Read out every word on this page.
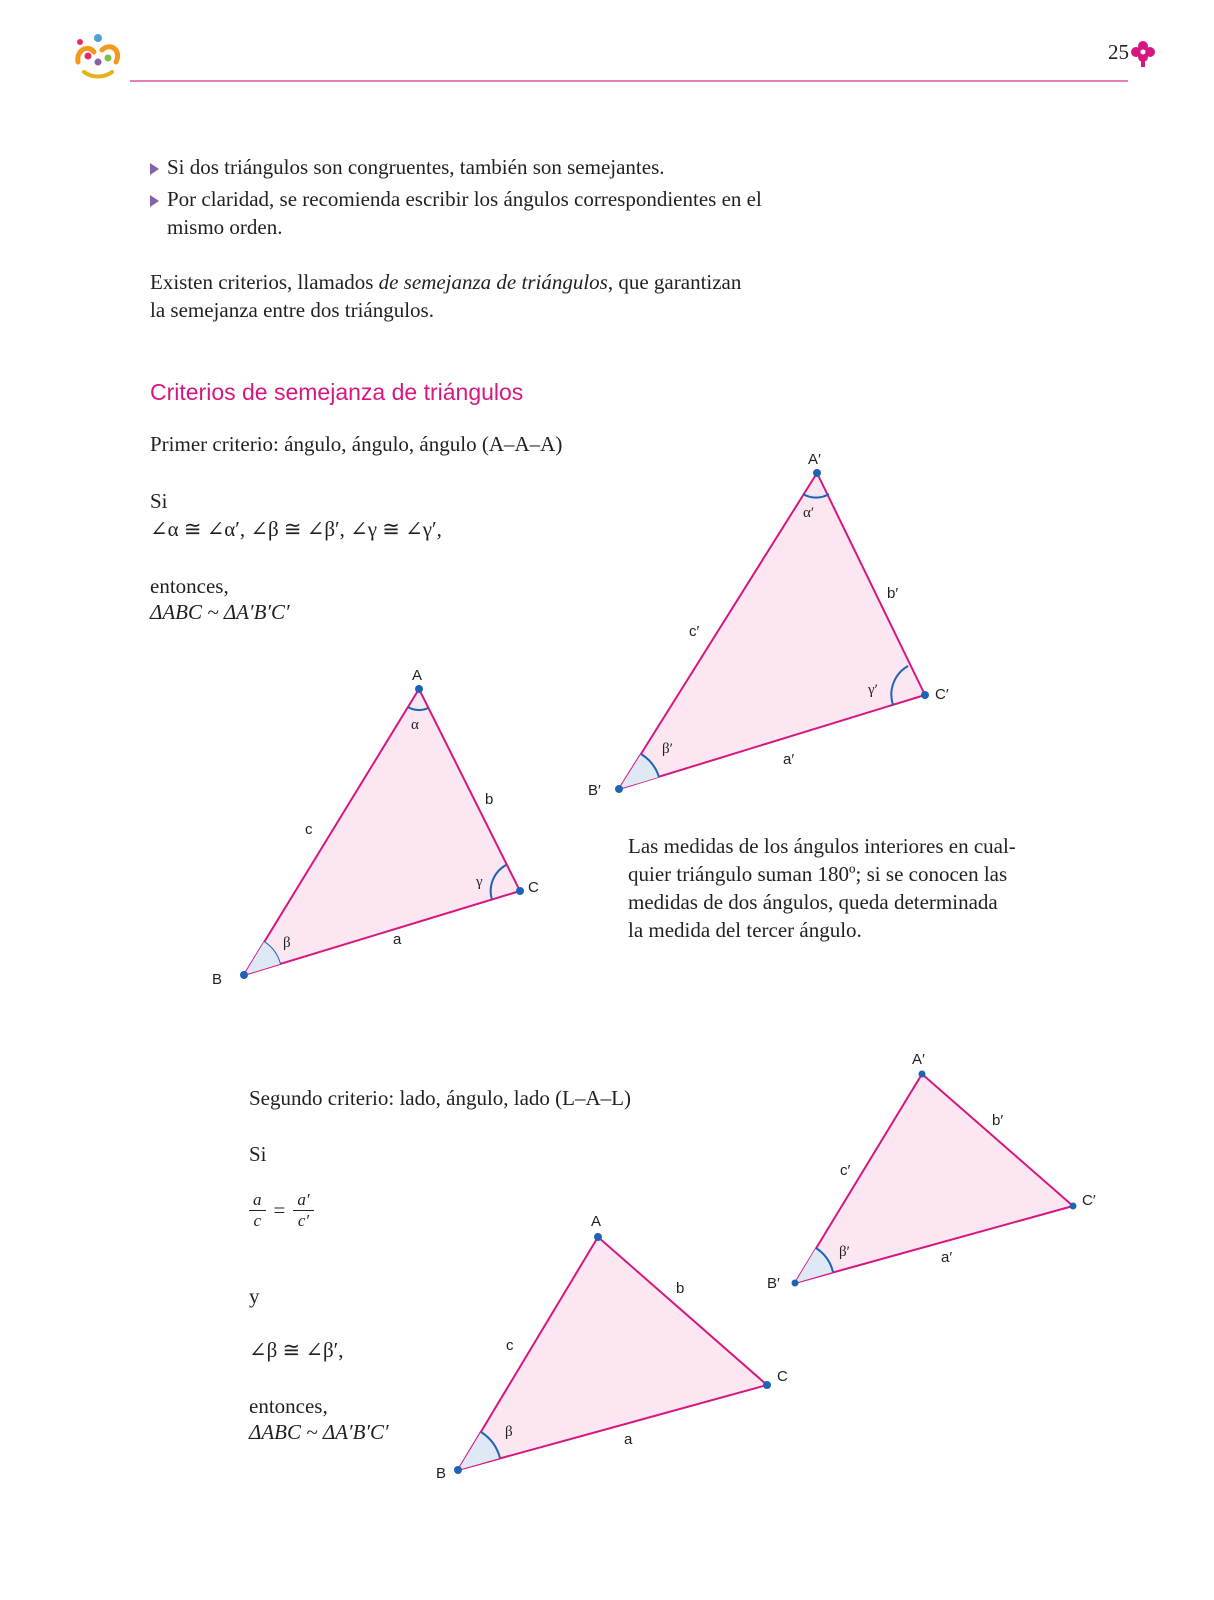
25
Si dos triángulos son congruentes, también son semejantes.
Por claridad, se recomienda escribir los ángulos correspondientes en el
mismo orden.
Existen criterios, llamados de semejanza de triángulos, que garantizan
la semejanza entre dos triángulos.
Criterios de semejanza de triángulos
Primer criterio: ángulo, ángulo, ángulo (A–A–A)
Si
∠α ≅ ∠α′, ∠β ≅ ∠β′, ∠γ ≅ ∠γ′,
entonces,
ΔABC ~ ΔA′B′C′
Las medidas de los ángulos interiores en cual-
quier triángulo suman 180º; si se conocen las
medidas de dos ángulos, queda determinada
la medida del tercer ángulo.
Segundo criterio: lado, ángulo, lado (L–A–L)
Si
$\frac{a}{c} = \frac{a'}{c'}$
y
∠β ≅ ∠β′,
entonces,
ΔABC ~ ΔA′B′C′
A
B
C
c
b
a
α
β
γ
A′
B′
C′
c′
b′
a′
α′
β′
γ′
A
B
C
c
b
a
β
A′
B′
C′
c′
b′
a′
β′
